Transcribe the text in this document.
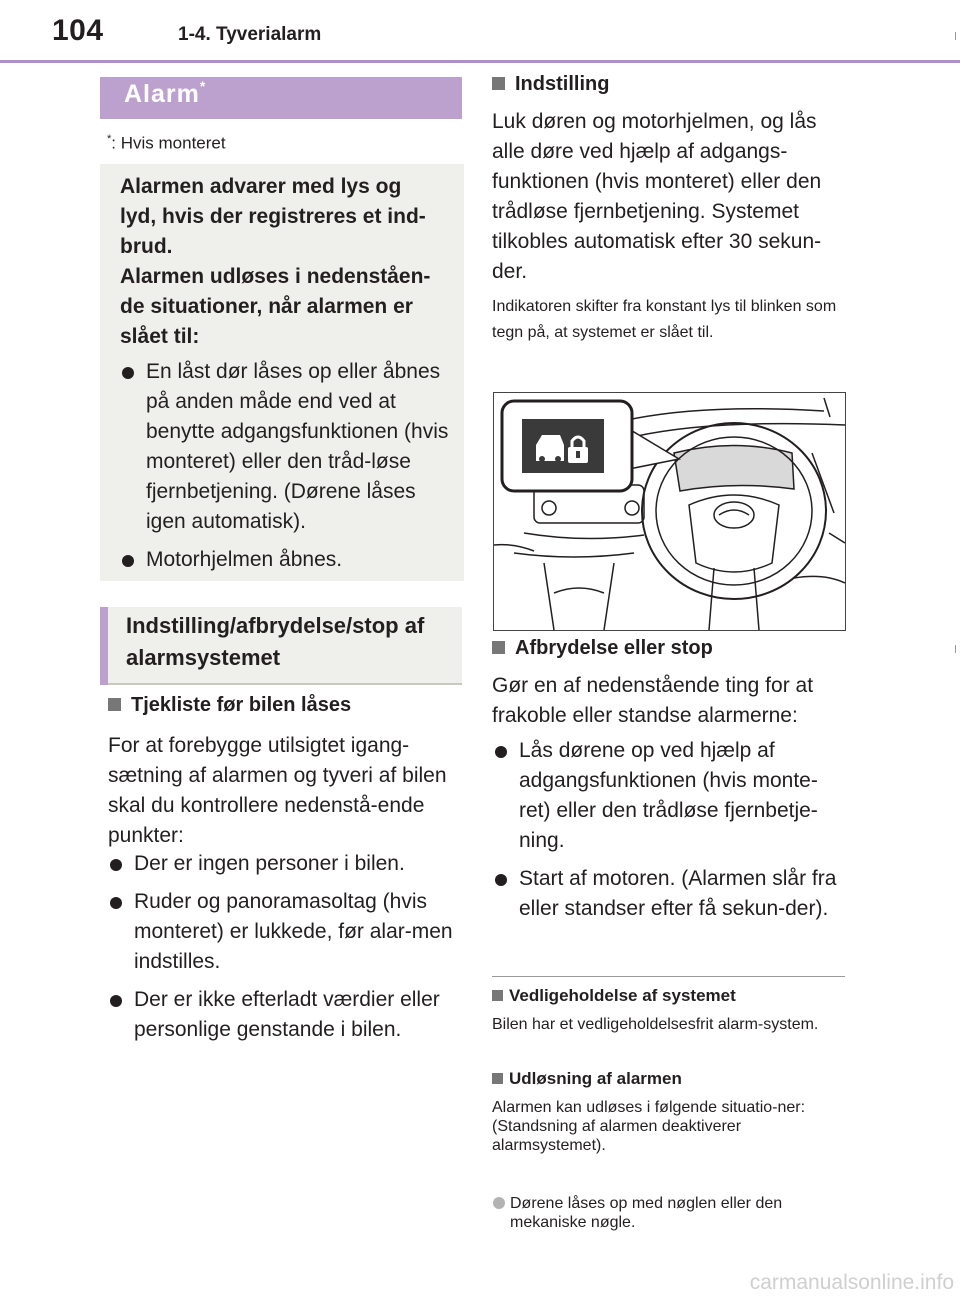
104	1-4. Tyverialarm
Alarm*
*: Hvis monteret
Alarmen advarer med lys og
lyd, hvis der registreres et ind-
brud.
Alarmen udløses i nedenståen-
de situationer, når alarmen er
slået til:
En låst dør låses op eller åbnes på anden måde end ved at benytte adgangsfunktionen (hvis monteret) eller den tråd-løse fjernbetjening. (Dørene låses igen automatisk).
Motorhjelmen åbnes.
Indstilling/afbrydelse/stop af alarmsystemet
Tjekliste før bilen låses
For at forebygge utilsigtet igang-sætning af alarmen og tyveri af bilen skal du kontrollere nedenstå-ende punkter:
Der er ingen personer i bilen.
Ruder og panoramasoltag (hvis monteret) er lukkede, før alar-men indstilles.
Der er ikke efterladt værdier eller personlige genstande i bilen.
Indstilling
Luk døren og motorhjelmen, og lås alle døre ved hjælp af adgangs-funktionen (hvis monteret) eller den trådløse fjernbetjening. Systemet tilkobles automatisk efter 30 sekun-der.
Indikatoren skifter fra konstant lys til blinken som tegn på, at systemet er slået til.
Afbrydelse eller stop
Gør en af nedenstående ting for at frakoble eller standse alarmerne:
Lås dørene op ved hjælp af adgangsfunktionen (hvis monte-ret) eller den trådløse fjernbetje-ning.
Start af motoren. (Alarmen slår fra eller standser efter få sekun-der).
Vedligeholdelse af systemet
Bilen har et vedligeholdelsesfrit alarm-system.
Udløsning af alarmen
Alarmen kan udløses i følgende situatio-ner:
(Standsning af alarmen deaktiverer alarmsystemet).
Dørene låses op med nøglen eller den mekaniske nøgle.
carmanualsonline.info
